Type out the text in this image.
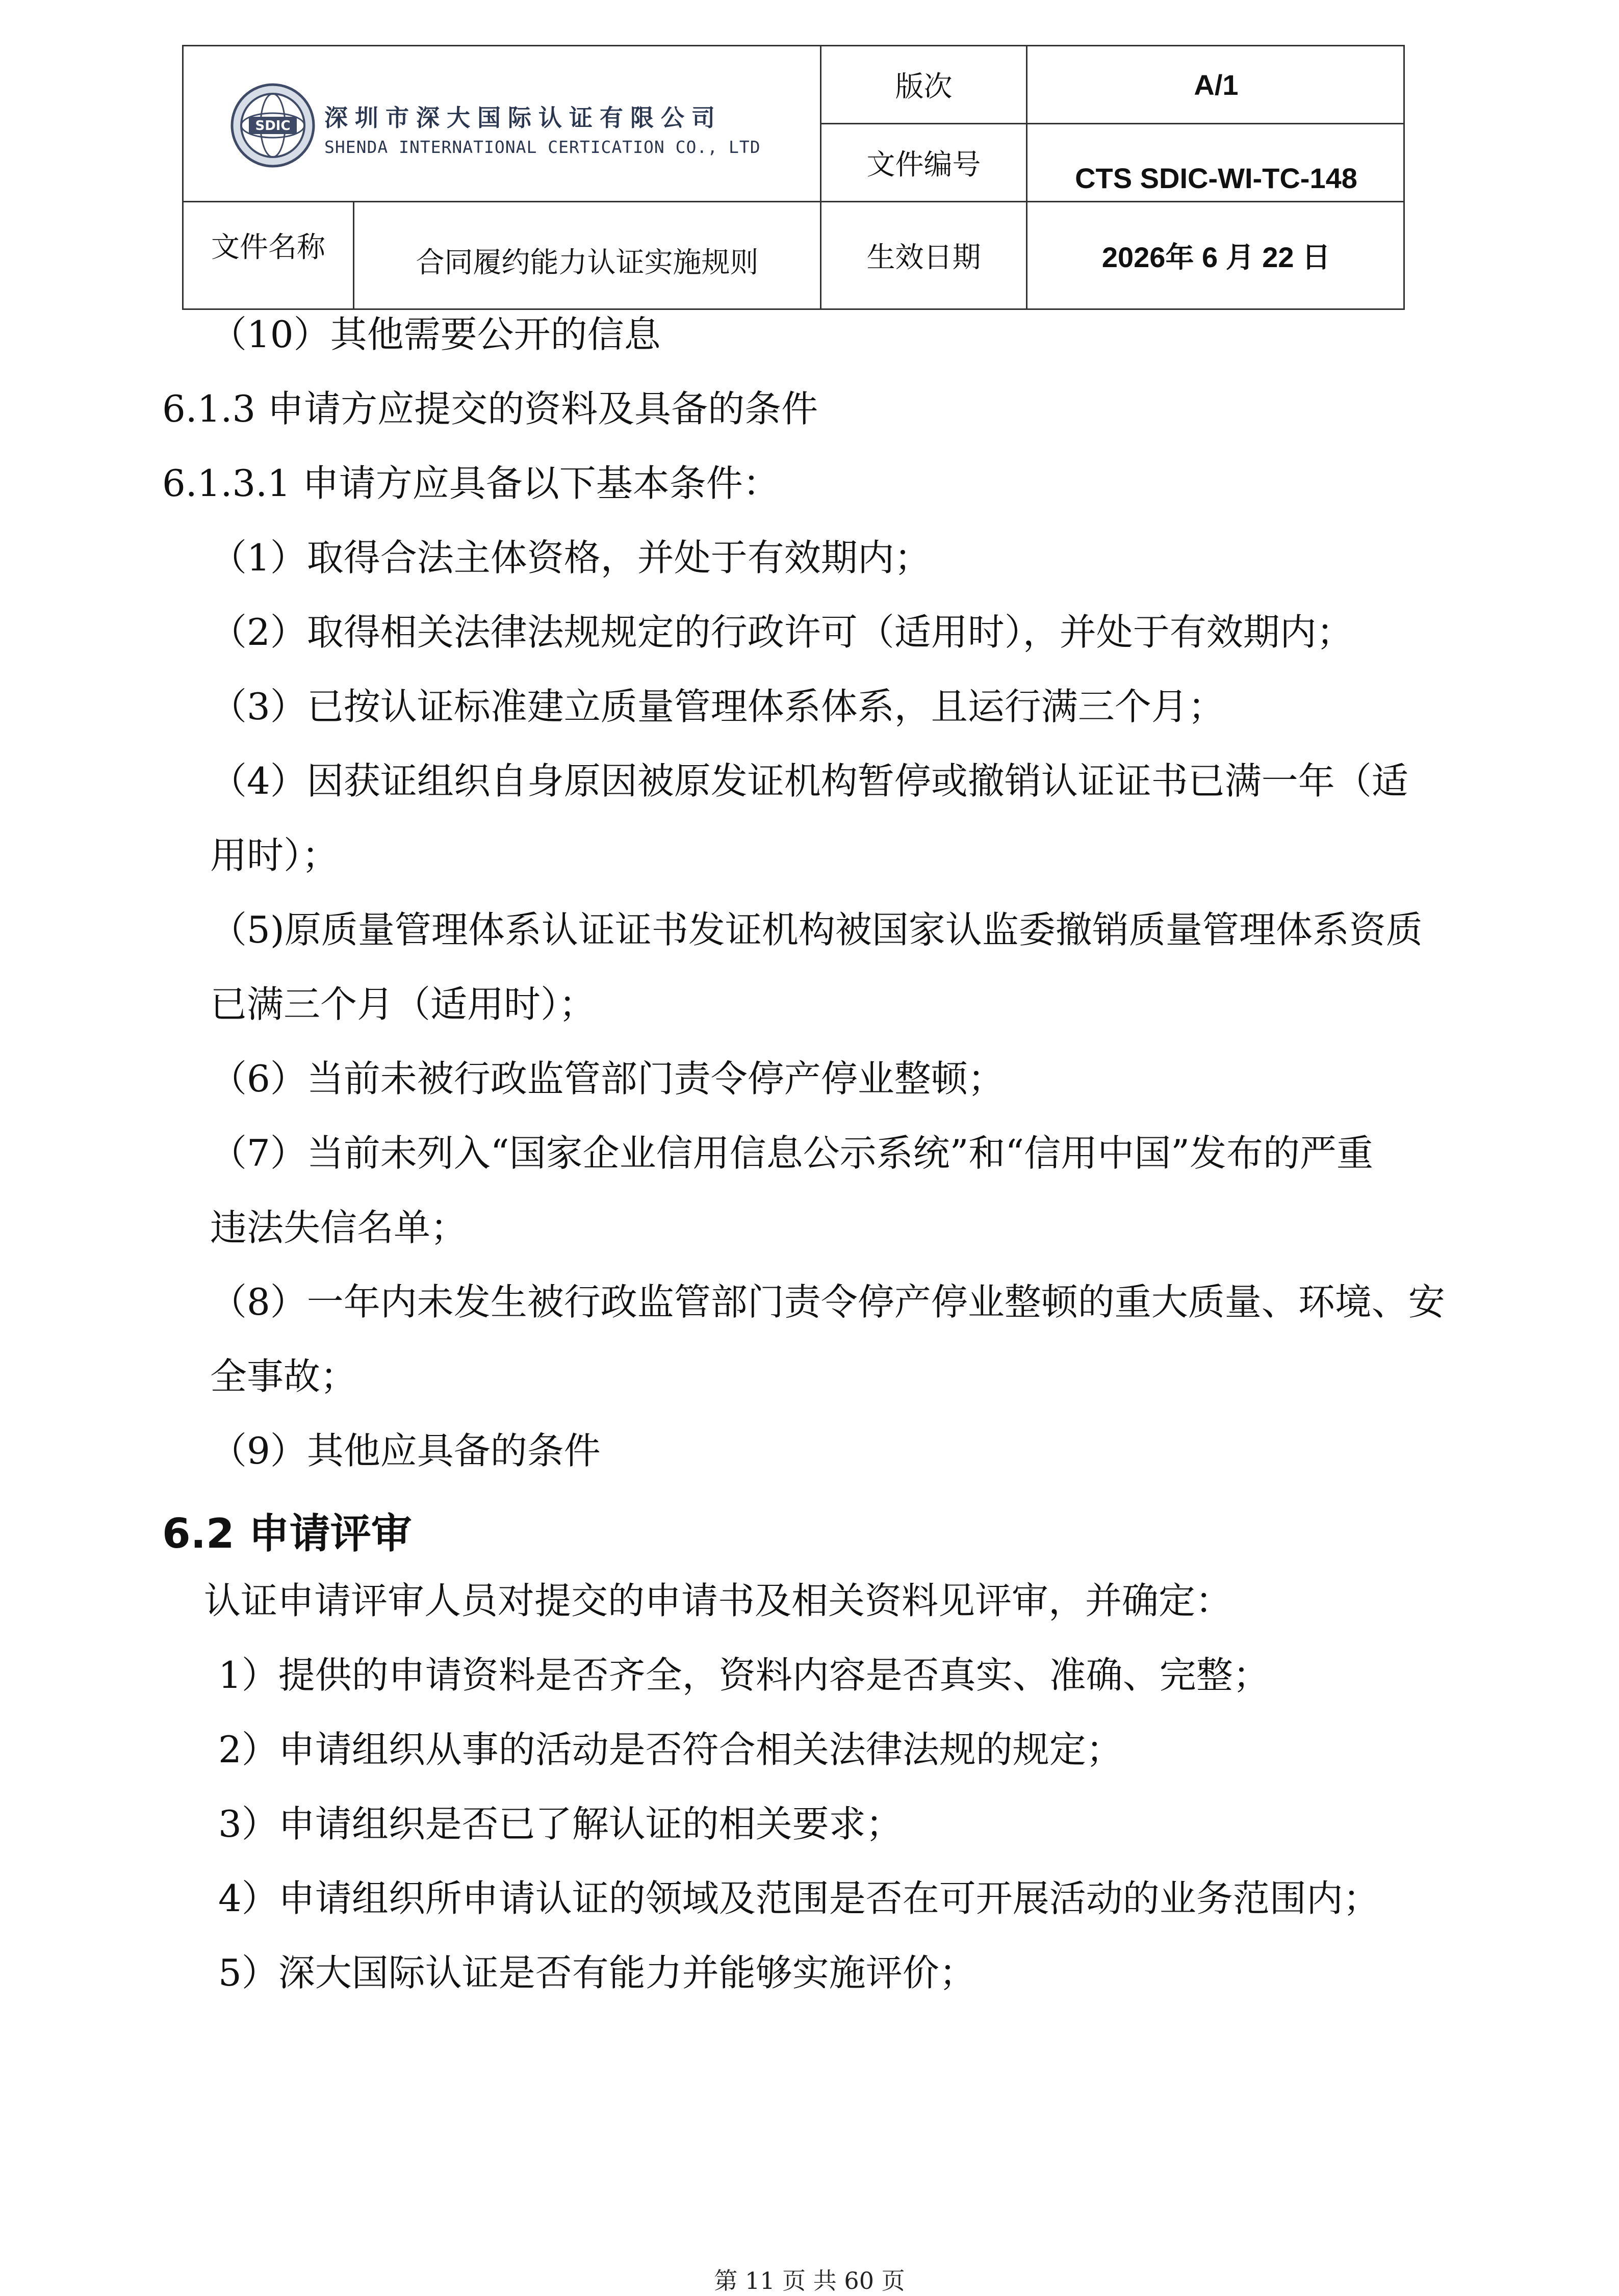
SDIC 深圳市深大国际认证有限公司
SHENDA INTERNATIONAL CERTICATION CO., LTD
版次	A/1
文件编号	CTS SDIC-WI-TC-148
文件名称	合同履约能力认证实施规则	生效日期	2026年 6 月 22 日
（10）其他需要公开的信息
6.1.3 申请方应提交的资料及具备的条件
6.1.3.1 申请方应具备以下基本条件：
（1）取得合法主体资格，并处于有效期内；
（2）取得相关法律法规规定的行政许可（适用时），并处于有效期内；
（3）已按认证标准建立质量管理体系体系，且运行满三个月；
（4）因获证组织自身原因被原发证机构暂停或撤销认证证书已满一年（适
用时）；
（5)原质量管理体系认证证书发证机构被国家认监委撤销质量管理体系资质
已满三个月（适用时）；
（6）当前未被行政监管部门责令停产停业整顿；
（7）当前未列入“国家企业信用信息公示系统”和“信用中国”发布的严重
违法失信名单；
（8）一年内未发生被行政监管部门责令停产停业整顿的重大质量、环境、安
全事故；
（9）其他应具备的条件
6.2 申请评审
认证申请评审人员对提交的申请书及相关资料见评审，并确定：
1）提供的申请资料是否齐全，资料内容是否真实、准确、完整；
2）申请组织从事的活动是否符合相关法律法规的规定；
3）申请组织是否已了解认证的相关要求；
4）申请组织所申请认证的领域及范围是否在可开展活动的业务范围内；
5）深大国际认证是否有能力并能够实施评价；
第 11 页 共 60 页
